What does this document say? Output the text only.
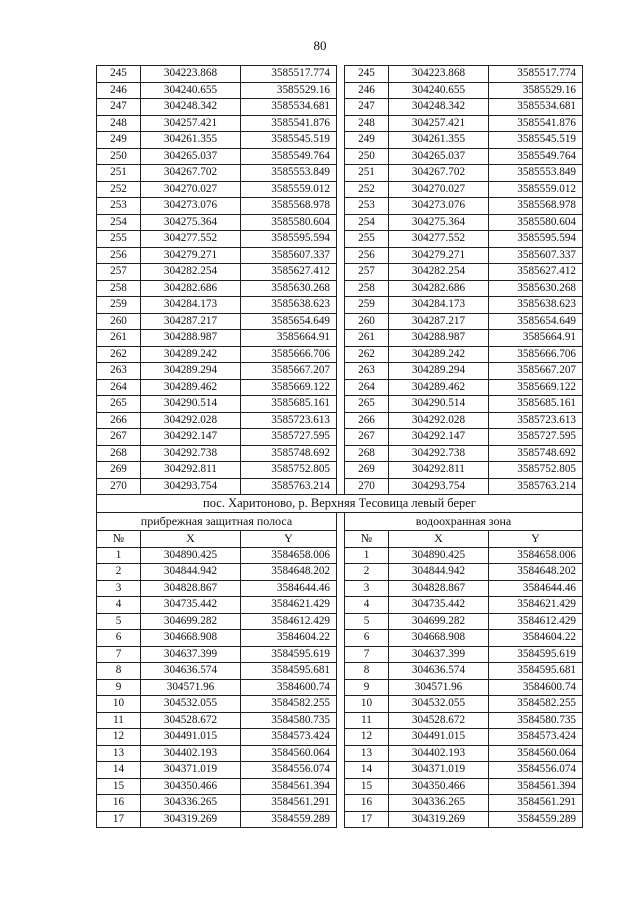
80
245	304223.868	3585517.774		245	304223.868	3585517.774
246	304240.655	3585529.16		246	304240.655	3585529.16
247	304248.342	3585534.681		247	304248.342	3585534.681
248	304257.421	3585541.876		248	304257.421	3585541.876
249	304261.355	3585545.519		249	304261.355	3585545.519
250	304265.037	3585549.764		250	304265.037	3585549.764
251	304267.702	3585553.849		251	304267.702	3585553.849
252	304270.027	3585559.012		252	304270.027	3585559.012
253	304273.076	3585568.978		253	304273.076	3585568.978
254	304275.364	3585580.604		254	304275.364	3585580.604
255	304277.552	3585595.594		255	304277.552	3585595.594
256	304279.271	3585607.337		256	304279.271	3585607.337
257	304282.254	3585627.412		257	304282.254	3585627.412
258	304282.686	3585630.268		258	304282.686	3585630.268
259	304284.173	3585638.623		259	304284.173	3585638.623
260	304287.217	3585654.649		260	304287.217	3585654.649
261	304288.987	3585664.91		261	304288.987	3585664.91
262	304289.242	3585666.706		262	304289.242	3585666.706
263	304289.294	3585667.207		263	304289.294	3585667.207
264	304289.462	3585669.122		264	304289.462	3585669.122
265	304290.514	3585685.161		265	304290.514	3585685.161
266	304292.028	3585723.613		266	304292.028	3585723.613
267	304292.147	3585727.595		267	304292.147	3585727.595
268	304292.738	3585748.692		268	304292.738	3585748.692
269	304292.811	3585752.805		269	304292.811	3585752.805
270	304293.754	3585763.214		270	304293.754	3585763.214
пос. Харитоново, р. Верхняя Тесовица левый берег						
прибрежная защитная полоса				водоохранная зона		
№	X	Y		№	X	Y
1	304890.425	3584658.006		1	304890.425	3584658.006
2	304844.942	3584648.202		2	304844.942	3584648.202
3	304828.867	3584644.46		3	304828.867	3584644.46
4	304735.442	3584621.429		4	304735.442	3584621.429
5	304699.282	3584612.429		5	304699.282	3584612.429
6	304668.908	3584604.22		6	304668.908	3584604.22
7	304637.399	3584595.619		7	304637.399	3584595.619
8	304636.574	3584595.681		8	304636.574	3584595.681
9	304571.96	3584600.74		9	304571.96	3584600.74
10	304532.055	3584582.255		10	304532.055	3584582.255
11	304528.672	3584580.735		11	304528.672	3584580.735
12	304491.015	3584573.424		12	304491.015	3584573.424
13	304402.193	3584560.064		13	304402.193	3584560.064
14	304371.019	3584556.074		14	304371.019	3584556.074
15	304350.466	3584561.394		15	304350.466	3584561.394
16	304336.265	3584561.291		16	304336.265	3584561.291
17	304319.269	3584559.289		17	304319.269	3584559.289
